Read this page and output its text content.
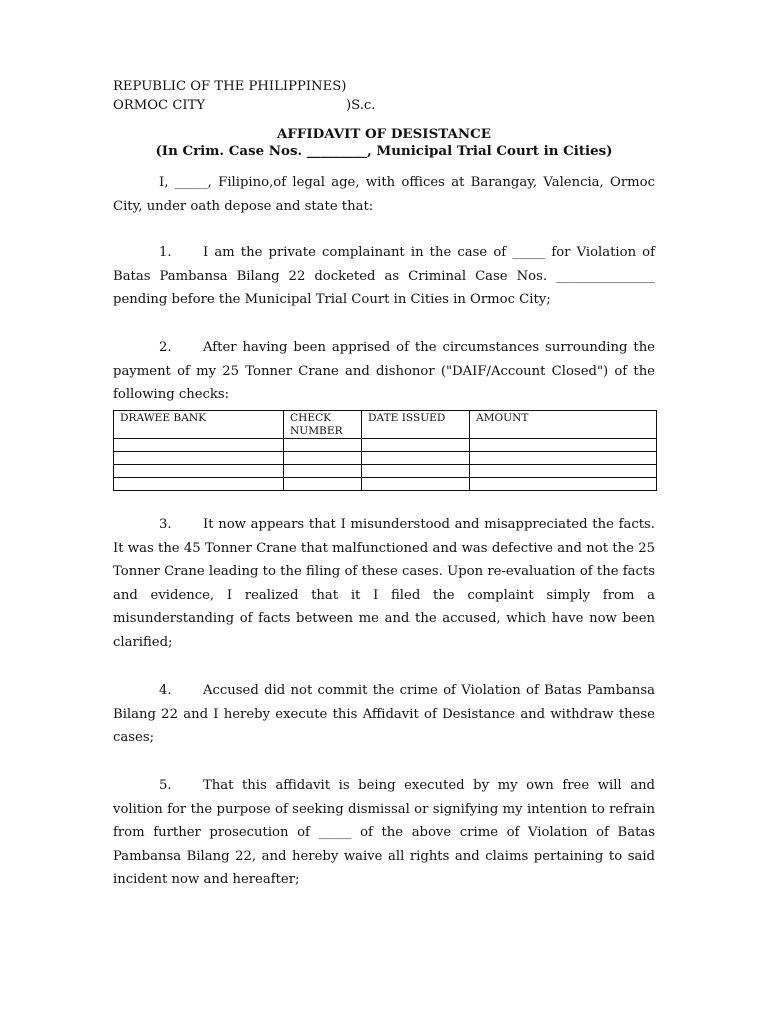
REPUBLIC OF THE PHILIPPINES)
ORMOC CITY	)S.c.
AFFIDAVIT OF DESISTANCE
(In Crim. Case Nos. _________, Municipal Trial Court in Cities)

I, _____, Filipino,of legal age, with offices at Barangay, Valencia, Ormoc City, under oath depose and state that:

1. I am the private complainant in the case of _____ for Violation of Batas Pambansa Bilang 22 docketed as Criminal Case Nos. _______________ pending before the Municipal Trial Court in Cities in Ormoc City;

2. After having been apprised of the circumstances surrounding the payment of my 25 Tonner Crane and dishonor ("DAIF/Account Closed") of the following checks:

DRAWEE BANK	CHECK NUMBER	DATE ISSUED	AMOUNT

3. It now appears that I misunderstood and misappreciated the facts. It was the 45 Tonner Crane that malfunctioned and was defective and not the 25 Tonner Crane leading to the filing of these cases. Upon re-evaluation of the facts and evidence, I realized that it I filed the complaint simply from a misunderstanding of facts between me and the accused, which have now been clarified;

4. Accused did not commit the crime of Violation of Batas Pambansa Bilang 22 and I hereby execute this Affidavit of Desistance and withdraw these cases;

5. That this affidavit is being executed by my own free will and volition for the purpose of seeking dismissal or signifying my intention to refrain from further prosecution of _____ of the above crime of Violation of Batas Pambansa Bilang 22, and hereby waive all rights and claims pertaining to said incident now and hereafter;
